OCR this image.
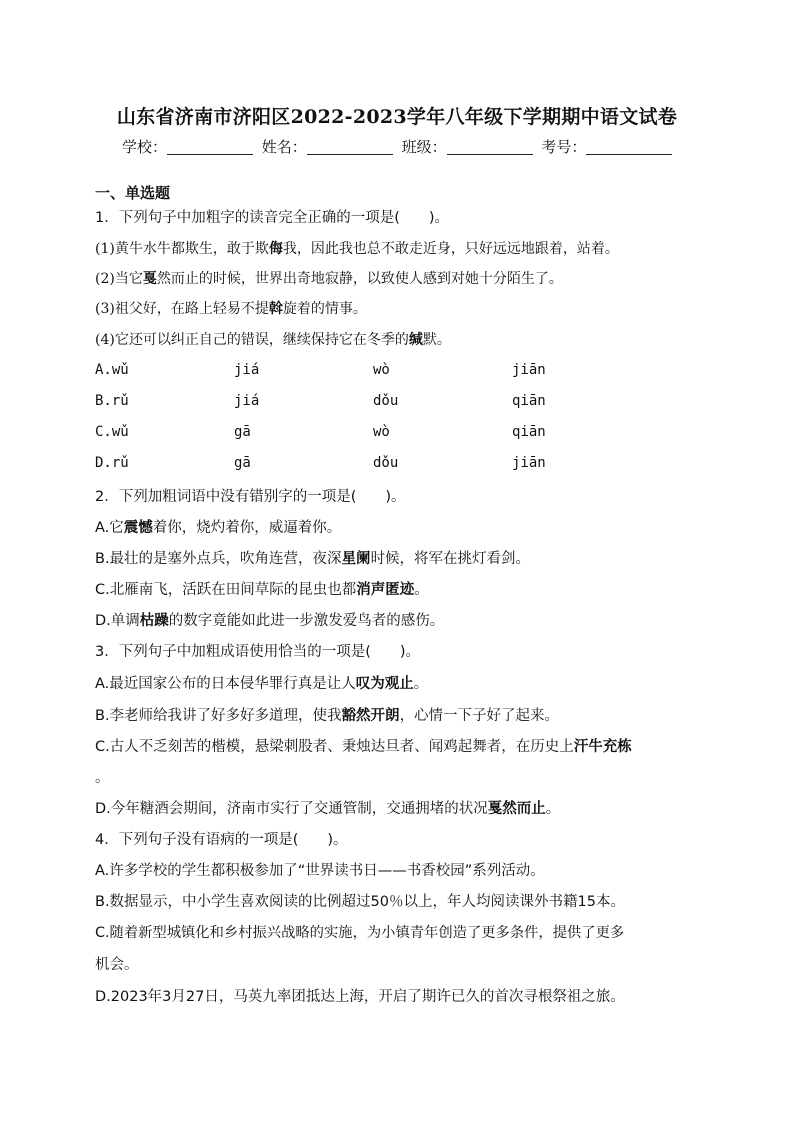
山东省济南市济阳区2022-2023学年八年级下学期期中语文试卷
学校：	姓名：	班级：	考号：
一、单选题
1．下列句子中加粗字的读音完全正确的一项是(　　)。
(1)黄牛水牛都欺生，敢于欺侮我，因此我也总不敢走近身，只好远远地跟着，站着。
(2)当它戛然而止的时候，世界出奇地寂静，以致使人感到对她十分陌生了。
(3)祖父好，在路上轻易不提斡旋着的情事。
(4)它还可以纠正自己的错误，继续保持它在冬季的缄默。
A.wǔ	jiá	wò	jiān
B.rǔ	jiá	dǒu	qiān
C.wǔ	gā	wò	qiān
D.rǔ	gā	dǒu	jiān
2．下列加粗词语中没有错别字的一项是(　　)。
A.它震憾着你，烧灼着你，威逼着你。
B.最壮的是塞外点兵，吹角连营，夜深星阑时候，将军在挑灯看剑。
C.北雁南飞，活跃在田间草际的昆虫也都消声匿迹。
D.单调枯躁的数字竟能如此进一步激发爱鸟者的感伤。
3．下列句子中加粗成语使用恰当的一项是(　　)。
A.最近国家公布的日本侵华罪行真是让人叹为观止。
B.李老师给我讲了好多好多道理，使我豁然开朗，心情一下子好了起来。
C.古人不乏刻苦的楷模，悬梁刺股者、秉烛达旦者、闻鸡起舞者，在历史上汗牛充栋
。
D.今年糖酒会期间，济南市实行了交通管制，交通拥堵的状况戛然而止。
4．下列句子没有语病的一项是(　　)。
A.许多学校的学生都积极参加了“世界读书日——书香校园”系列活动。
B.数据显示，中小学生喜欢阅读的比例超过50％以上，年人均阅读课外书籍15本。
C.随着新型城镇化和乡村振兴战略的实施，为小镇青年创造了更多条件，提供了更多
机会。
D.2023年3月27日，马英九率团抵达上海，开启了期许已久的首次寻根祭祖之旅。
